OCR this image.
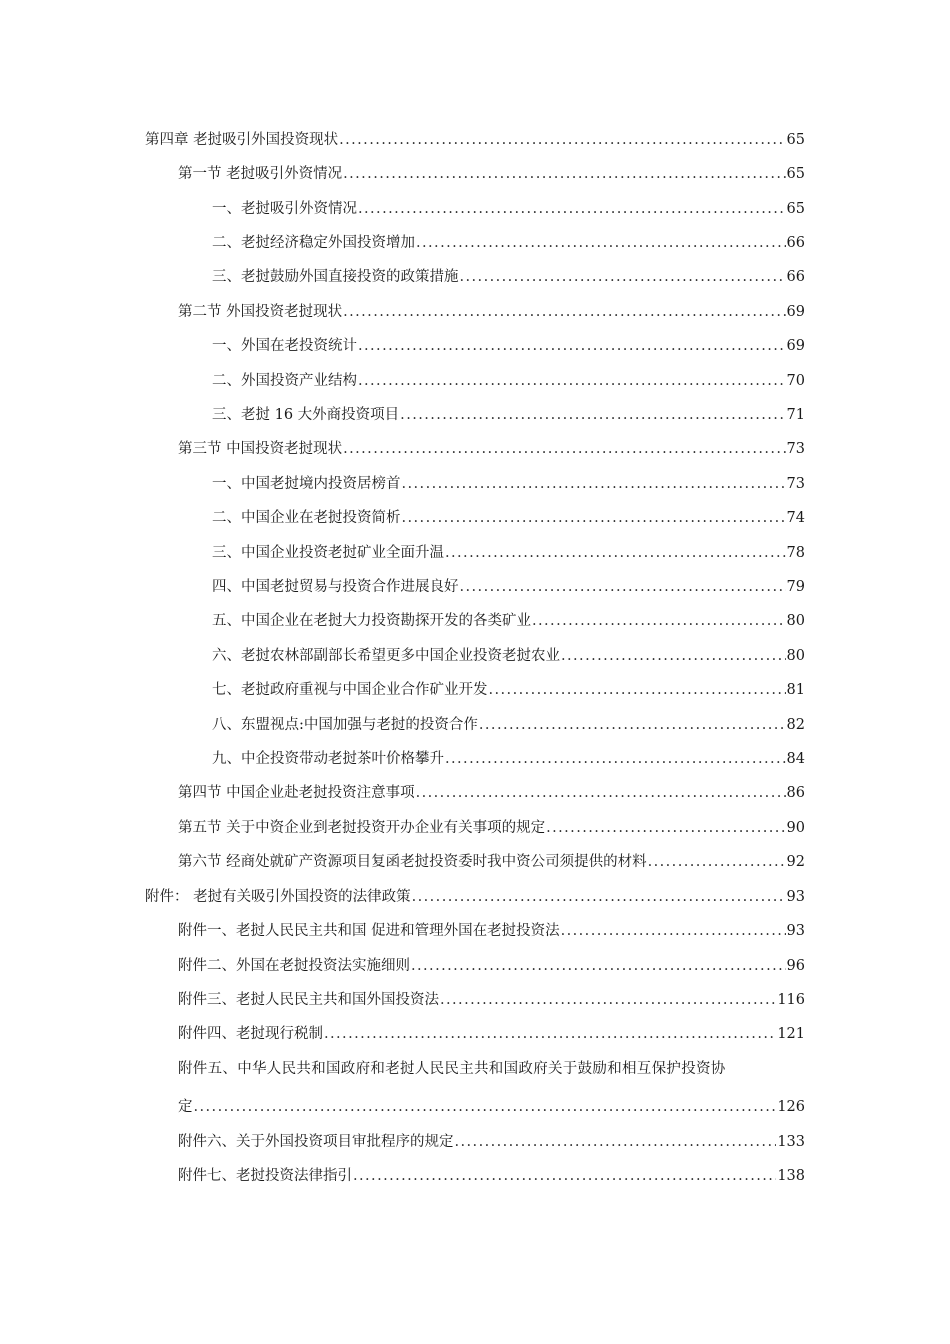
第四章 老挝吸引外国投资现状 . . .	65
第一节 老挝吸引外资情况 . . .	65
一、老挝吸引外资情况 . . .	65
二、老挝经济稳定外国投资增加 . . .	66
三、老挝鼓励外国直接投资的政策措施 . . .	66
第二节 外国投资老挝现状 . . .	69
一、外国在老投资统计 . . .	69
二、外国投资产业结构 . . .	70
三、老挝 16 大外商投资项目 . . .	71
第三节 中国投资老挝现状 . . .	73
一、中国老挝境内投资居榜首 . . .	73
二、中国企业在老挝投资简析 . . .	74
三、中国企业投资老挝矿业全面升温 . . .	78
四、中国老挝贸易与投资合作进展良好 . . .	79
五、中国企业在老挝大力投资勘探开发的各类矿业 . . .	80
六、老挝农林部副部长希望更多中国企业投资老挝农业 . . .	80
七、老挝政府重视与中国企业合作矿业开发 . . .	81
八、东盟视点:中国加强与老挝的投资合作 . . .	82
九、中企投资带动老挝茶叶价格攀升 . . .	84
第四节 中国企业赴老挝投资注意事项 . . .	86
第五节 关于中资企业到老挝投资开办企业有关事项的规定 . . .	90
第六节 经商处就矿产资源项目复函老挝投资委时我中资公司须提供的材料 . . .	92
附件： 老挝有关吸引外国投资的法律政策 . . .	93
附件一、老挝人民民主共和国 促进和管理外国在老挝投资法 . . .	93
附件二、外国在老挝投资法实施细则 . . .	96
附件三、老挝人民民主共和国外国投资法 . . .	116
附件四、老挝现行税制 . . .	121
附件五、中华人民共和国政府和老挝人民民主共和国政府关于鼓励和相互保护投资协
定 . . .	126
附件六、关于外国投资项目审批程序的规定 . . .	133
附件七、老挝投资法律指引 . . .	138
